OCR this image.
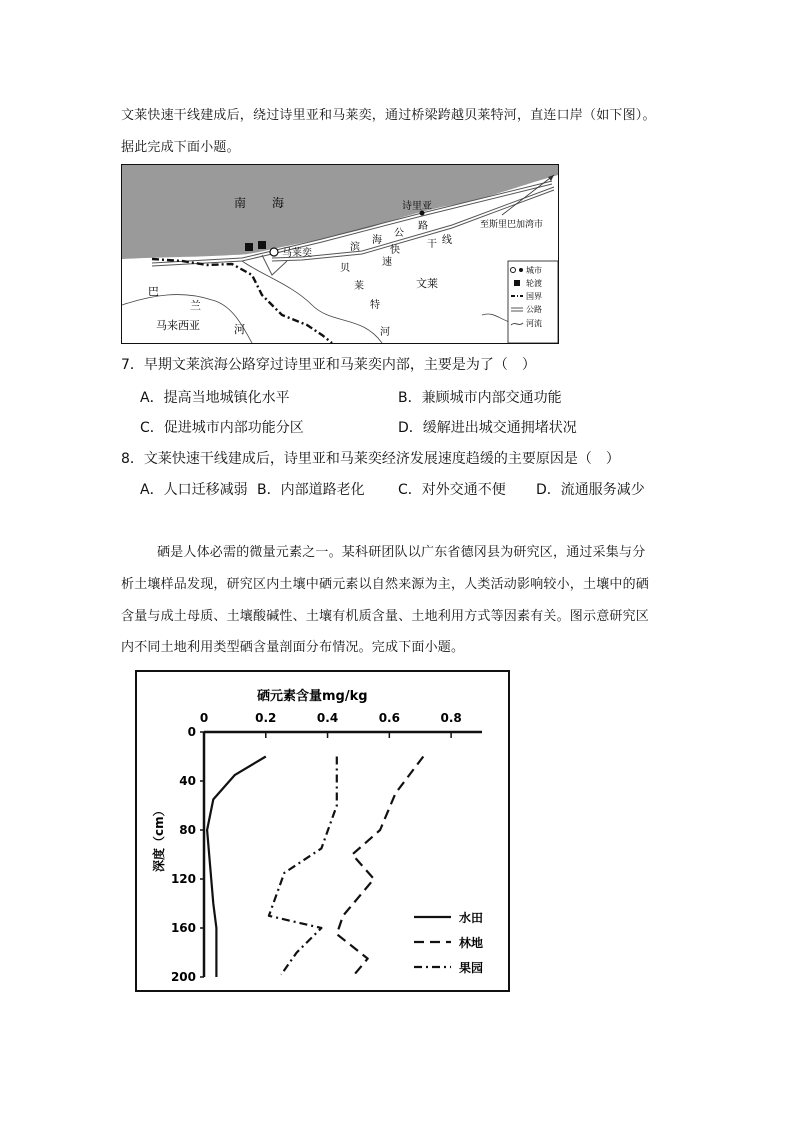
文莱快速干线建成后，绕过诗里亚和马莱奕，通过桥梁跨越贝莱特河，直连口岸（如下图）。
据此完成下面小题。
南 海	诗里亚
马莱奕
至斯里巴加湾市
滨
海
公
路
干 线
快
速
贝
莱
特
河
文莱
巴
兰
河
马来西亚
城市
轮渡
国界
公路
河流
7．早期文莱滨海公路穿过诗里亚和马莱奕内部，主要是为了（　）
A．提高当地城镇化水平	B．兼顾城市内部交通功能
C．促进城市内部功能分区	D．缓解进出城交通拥堵状况
8．文莱快速干线建成后，诗里亚和马莱奕经济发展速度趋缓的主要原因是（　）
A．人口迁移减弱 B．内部道路老化 C．对外交通不便 D．流通服务减少
硒是人体必需的微量元素之一。某科研团队以广东省德冈县为研究区，通过采集与分
析土壤样品发现，研究区内土壤中硒元素以自然来源为主，人类活动影响较小，土壤中的硒
含量与成土母质、土壤酸碱性、土壤有机质含量、土地利用方式等因素有关。图示意研究区
内不同土地利用类型硒含量剖面分布情况。完成下面小题。
硒元素含量mg/kg
深度（cm）
0	0.2	0.4	0.6	0.8
0
40
80
120
160
200
水田
林地
果园
